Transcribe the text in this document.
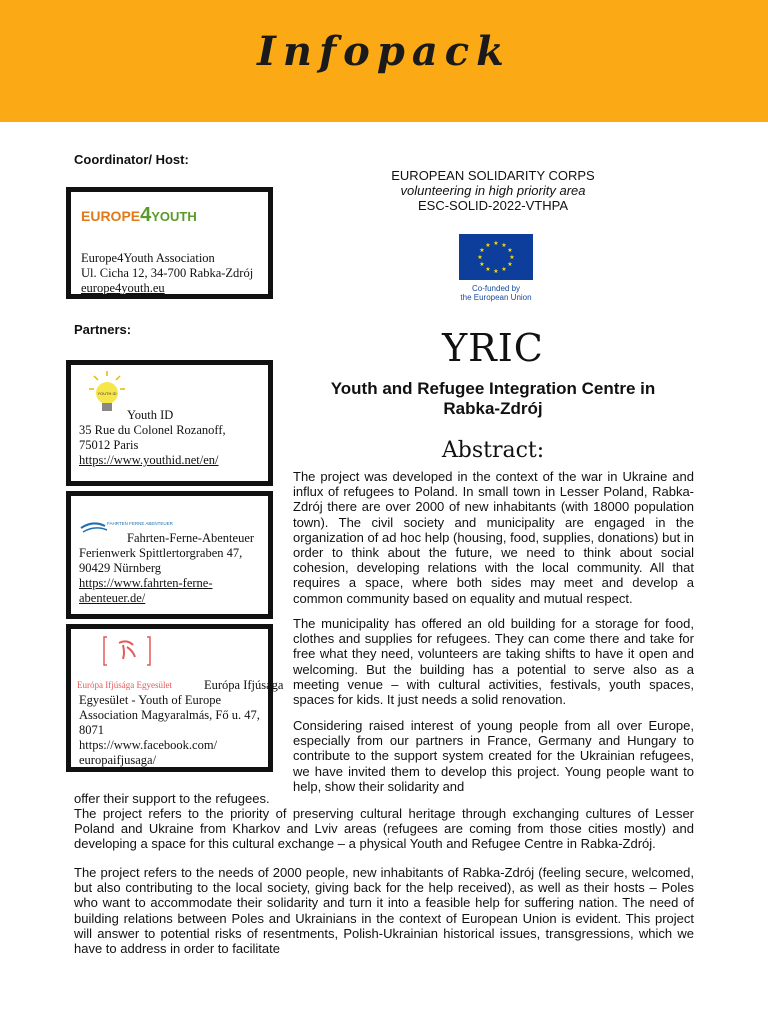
Infopack
Coordinator/ Host:
EUROPE4YOUTH
Europe4Youth Association
Ul. Cicha 12, 34-700 Rabka-Zdrój
europe4youth.eu
Partners:
YOUTH ID
Youth ID
35 Rue du Colonel Rozanoff,
75012 Paris
https://www.youthid.net/en/
FAHRTEN FERNE ABENTEUER
Fahrten-Ferne-Abenteuer
Ferienwerk Spittlertorgraben 47,
90429 Nürnberg
https://www.fahrten-ferne-
abenteuer.de/
Európa Ifjúsága Egyesület	Európa Ifjúsága
Egyesület - Youth of Europe
Association Magyaralmás, Fő u. 47,
8071
https://www.facebook.com/
europaifjusaga/
EUROPEAN SOLIDARITY CORPS
volunteering in high priority area
ESC-SOLID-2022-VTHPA
★ ★
★
★
★
★
★
★
★
★
★
★
Co-funded by
the European Union
YRIC
Youth and Refugee Integration Centre in
Rabka-Zdrój
Abstract:

The project was developed in the context of the war in Ukraine and influx of refugees to Poland. In small town in Lesser Poland, Rabka-Zdrój there are over 2000 of new inhabitants (with 18000 population town). The civil society and municipality are engaged in the organization of ad hoc help (housing, food, supplies, donations) but in order to think about the future, we need to think about social cohesion, developing relations with the local community. All that requires a space, where both sides may meet and develop a common community based on equality and mutual respect.

The municipality has offered an old building for a storage for food, clothes and supplies for refugees. They can come there and take for free what they need, volunteers are taking shifts to have it open and welcoming. But the building has a potential to serve also as a meeting venue – with cultural activities, festivals, youth spaces, spaces for kids. It just needs a solid renovation.

Considering raised interest of young people from all over Europe, especially from our partners in France, Germany and Hungary to contribute to the support system created for the Ukrainian refugees, we have invited them to develop this project. Young people want to help, show their solidarity and

offer their support to the refugees.

The project refers to the priority of preserving cultural heritage through exchanging cultures of Lesser Poland and Ukraine from Kharkov and Lviv areas (refugees are coming from those cities mostly) and developing a space for this cultural exchange – a physical Youth and Refugee Centre in Rabka-Zdrój.

The project refers to the needs of 2000 people, new inhabitants of Rabka-Zdrój (feeling secure, welcomed, but also contributing to the local society, giving back for the help received), as well as their hosts – Poles who want to accommodate their solidarity and turn it into a feasible help for suffering nation. The need of building relations between Poles and Ukrainians in the context of European Union is evident. This project will answer to potential risks of resentments, Polish-Ukrainian historical issues, transgressions, which we have to address in order to facilitate
